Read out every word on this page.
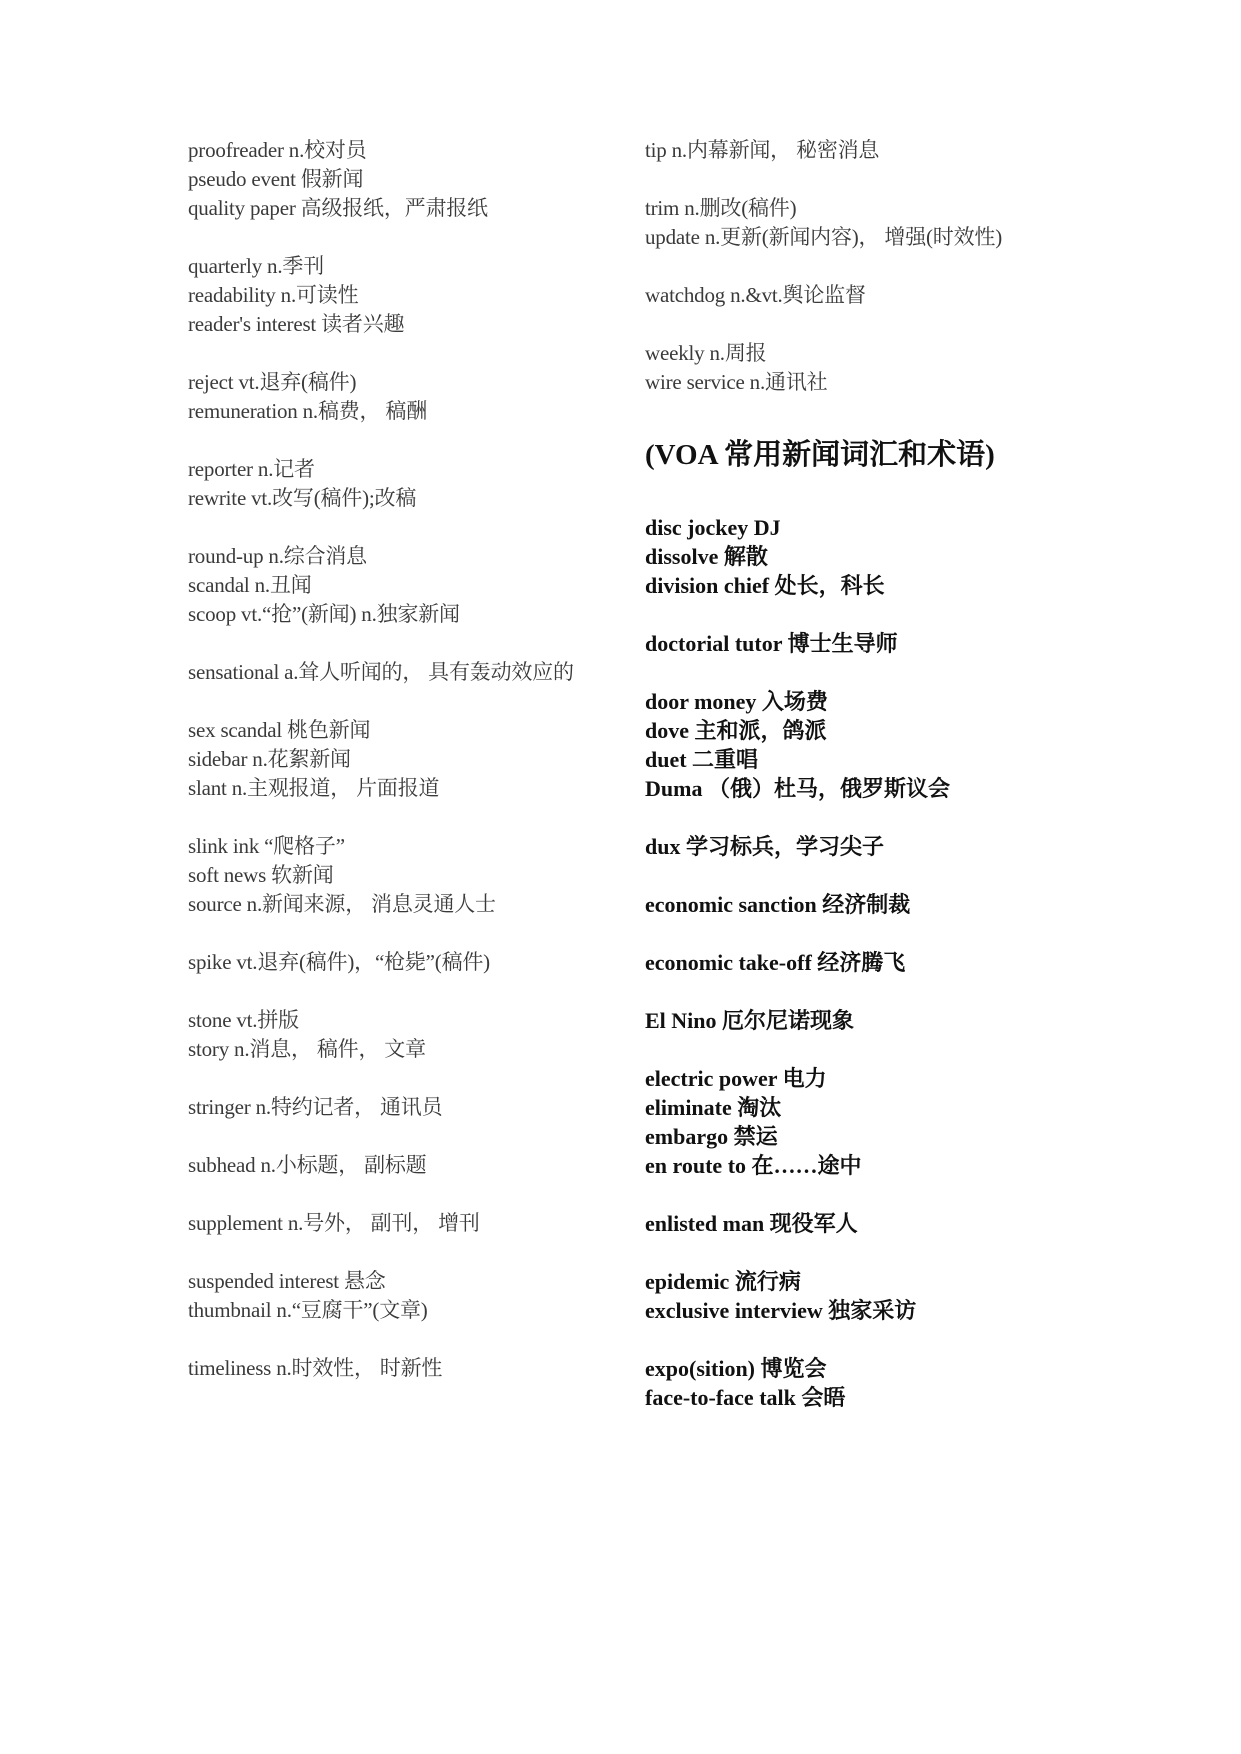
proofreader n.校对员
pseudo event 假新闻
quality paper 高级报纸，严肃报纸
quarterly n.季刊
readability n.可读性
reader's interest 读者兴趣
reject vt.退弃(稿件)
remuneration n.稿费， 稿酬
reporter n.记者
rewrite vt.改写(稿件);改稿
round-up n.综合消息
scandal n.丑闻
scoop vt.“抢”(新闻) n.独家新闻
sensational a.耸人听闻的， 具有轰动效应的
sex scandal 桃色新闻
sidebar n.花絮新闻
slant n.主观报道， 片面报道
slink ink “爬格子”
soft news 软新闻
source n.新闻来源， 消息灵通人士
spike vt.退弃(稿件)，“枪毙”(稿件)
stone vt.拼版
story n.消息， 稿件， 文章
stringer n.特约记者， 通讯员
subhead n.小标题， 副标题
supplement n.号外， 副刊， 增刊
suspended interest 悬念
thumbnail n.“豆腐干”(文章)
timeliness n.时效性， 时新性
tip n.内幕新闻， 秘密消息
trim n.删改(稿件)
update n.更新(新闻内容)， 增强(时效性)
watchdog n.&vt.舆论监督
weekly n.周报
wire service n.通讯社
(VOA 常用新闻词汇和术语)
disc jockey DJ
dissolve 解散
division chief 处长，科长
doctorial tutor 博士生导师
door money 入场费
dove 主和派，鸽派
duet 二重唱
Duma （俄）杜马，俄罗斯议会
dux 学习标兵，学习尖子
economic sanction 经济制裁
economic take-off 经济腾飞
El Nino 厄尔尼诺现象
electric power 电力
eliminate 淘汰
embargo 禁运
en route to 在……途中
enlisted man 现役军人
epidemic 流行病
exclusive interview 独家采访
expo(sition) 博览会
face-to-face talk 会晤
